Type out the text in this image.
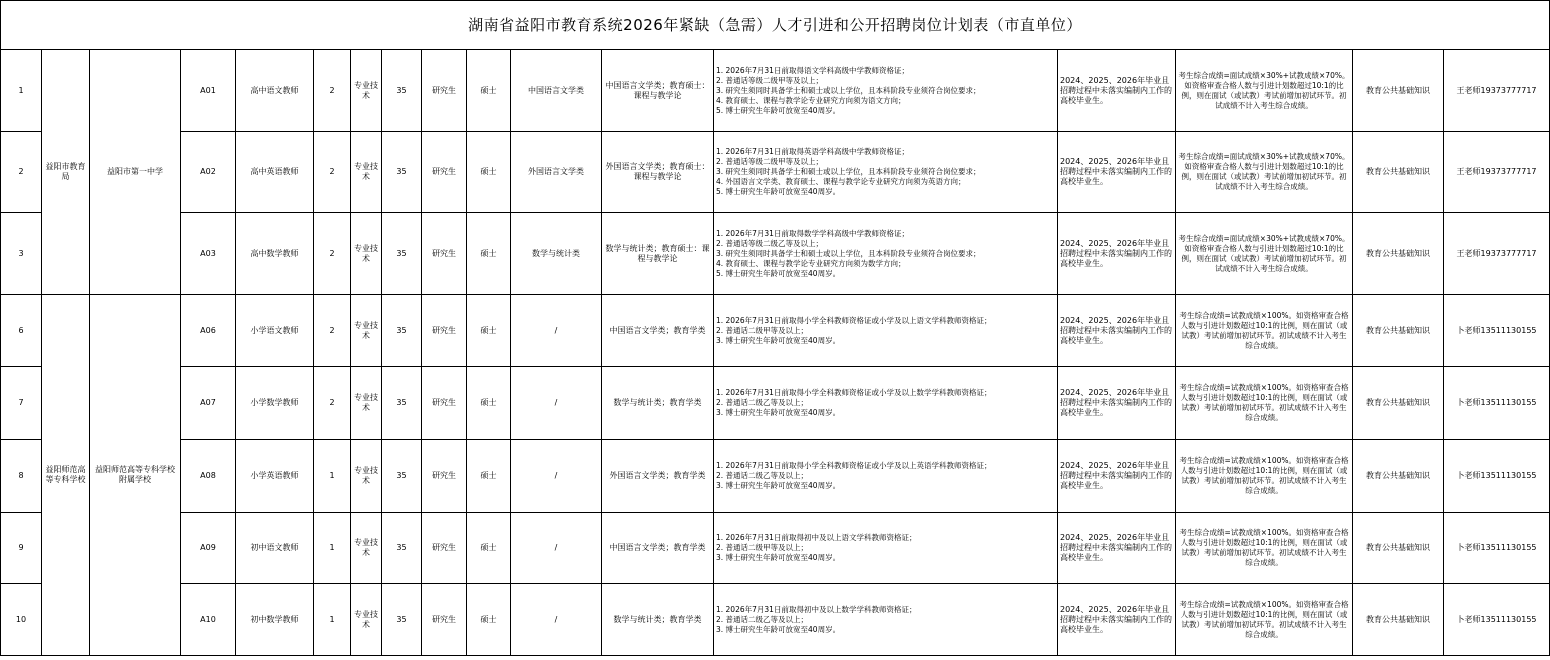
湖南省益阳市教育系统2026年紧缺（急需）人才引进和公开招聘岗位计划表（市直单位）																
1	益阳市教育局	益阳市第一中学	A01	高中语文教师	2	专业技术	35	研究生	硕士	中国语言文学类	中国语言文学类；教育硕士：课程与教学论	1. 2026年7月31日前取得语文学科高级中学教师资格证；
2. 普通话等级二级甲等及以上；
3. 研究生须同时具备学士和硕士或以上学位，且本科阶段专业须符合岗位要求；
4. 教育硕士、课程与教学论专业研究方向须为语文方向；
5. 博士研究生年龄可放宽至40周岁。	2024、2025、2026年毕业且招聘过程中未落实编制内工作的高校毕业生。	考生综合成绩=面试成绩×30%+试教成绩×70%。如资格审查合格人数与引进计划数超过10:1的比例，则在面试（或试教）考试前增加初试环节。初试成绩不计入考生综合成绩。	教育公共基础知识	王老师19373777717
2			A02	高中英语教师	2	专业技术	35	研究生	硕士	外国语言文学类	外国语言文学类；教育硕士：课程与教学论	1. 2026年7月31日前取得英语学科高级中学教师资格证；
2. 普通话等级二级甲等及以上；
3. 研究生须同时具备学士和硕士或以上学位，且本科阶段专业须符合岗位要求；
4. 外国语言文学类、教育硕士、课程与教学论专业研究方向须为英语方向；
5. 博士研究生年龄可放宽至40周岁。	2024、2025、2026年毕业且招聘过程中未落实编制内工作的高校毕业生。	考生综合成绩=面试成绩×30%+试教成绩×70%。如资格审查合格人数与引进计划数超过10:1的比例，则在面试（或试教）考试前增加初试环节。初试成绩不计入考生综合成绩。	教育公共基础知识	王老师19373777717
3			A03	高中数学教师	2	专业技术	35	研究生	硕士	数学与统计类	数学与统计类；教育硕士：课程与教学论	1. 2026年7月31日前取得数学学科高级中学教师资格证；
2. 普通话等级二级乙等及以上；
3. 研究生须同时具备学士和硕士或以上学位，且本科阶段专业须符合岗位要求；
4. 教育硕士、课程与教学论专业研究方向须为数学方向；
5. 博士研究生年龄可放宽至40周岁。	2024、2025、2026年毕业且招聘过程中未落实编制内工作的高校毕业生。	考生综合成绩=面试成绩×30%+试教成绩×70%。如资格审查合格人数与引进计划数超过10:1的比例，则在面试（或试教）考试前增加初试环节。初试成绩不计入考生综合成绩。	教育公共基础知识	王老师19373777717
6	益阳师范高等专科学校	益阳师范高等专科学校附属学校	A06	小学语文教师	2	专业技术	35	研究生	硕士	/	中国语言文学类；教育学类	1. 2026年7月31日前取得小学全科教师资格证或小学及以上语文学科教师资格证；
2. 普通话二级甲等及以上；
3. 博士研究生年龄可放宽至40周岁。	2024、2025、2026年毕业且招聘过程中未落实编制内工作的高校毕业生。	考生综合成绩=试教成绩×100%。如资格审查合格人数与引进计划数超过10:1的比例，则在面试（或试教）考试前增加初试环节。初试成绩不计入考生综合成绩。	教育公共基础知识	卜老师13511130155
7			A07	小学数学教师	2	专业技术	35	研究生	硕士	/	数学与统计类；教育学类	1. 2026年7月31日前取得小学全科教师资格证或小学及以上数学学科教师资格证；
2. 普通话二级乙等及以上；
3. 博士研究生年龄可放宽至40周岁。	2024、2025、2026年毕业且招聘过程中未落实编制内工作的高校毕业生。	考生综合成绩=试教成绩×100%。如资格审查合格人数与引进计划数超过10:1的比例，则在面试（或试教）考试前增加初试环节。初试成绩不计入考生综合成绩。	教育公共基础知识	卜老师13511130155
8			A08	小学英语教师	1	专业技术	35	研究生	硕士	/	外国语言文学类；教育学类	1. 2026年7月31日前取得小学全科教师资格证或小学及以上英语学科教师资格证；
2. 普通话二级乙等及以上；
3. 博士研究生年龄可放宽至40周岁。	2024、2025、2026年毕业且招聘过程中未落实编制内工作的高校毕业生。	考生综合成绩=试教成绩×100%。如资格审查合格人数与引进计划数超过10:1的比例，则在面试（或试教）考试前增加初试环节。初试成绩不计入考生综合成绩。	教育公共基础知识	卜老师13511130155
9			A09	初中语文教师	1	专业技术	35	研究生	硕士	/	中国语言文学类；教育学类	1. 2026年7月31日前取得初中及以上语文学科教师资格证；
2. 普通话二级甲等及以上；
3. 博士研究生年龄可放宽至40周岁。	2024、2025、2026年毕业且招聘过程中未落实编制内工作的高校毕业生。	考生综合成绩=试教成绩×100%。如资格审查合格人数与引进计划数超过10:1的比例，则在面试（或试教）考试前增加初试环节。初试成绩不计入考生综合成绩。	教育公共基础知识	卜老师13511130155
10			A10	初中数学教师	1	专业技术	35	研究生	硕士	/	数学与统计类；教育学类	1. 2026年7月31日前取得初中及以上数学学科教师资格证；
2. 普通话二级乙等及以上；
3. 博士研究生年龄可放宽至40周岁。	2024、2025、2026年毕业且招聘过程中未落实编制内工作的高校毕业生。	考生综合成绩=试教成绩×100%。如资格审查合格人数与引进计划数超过10:1的比例，则在面试（或试教）考试前增加初试环节。初试成绩不计入考生综合成绩。	教育公共基础知识	卜老师13511130155
